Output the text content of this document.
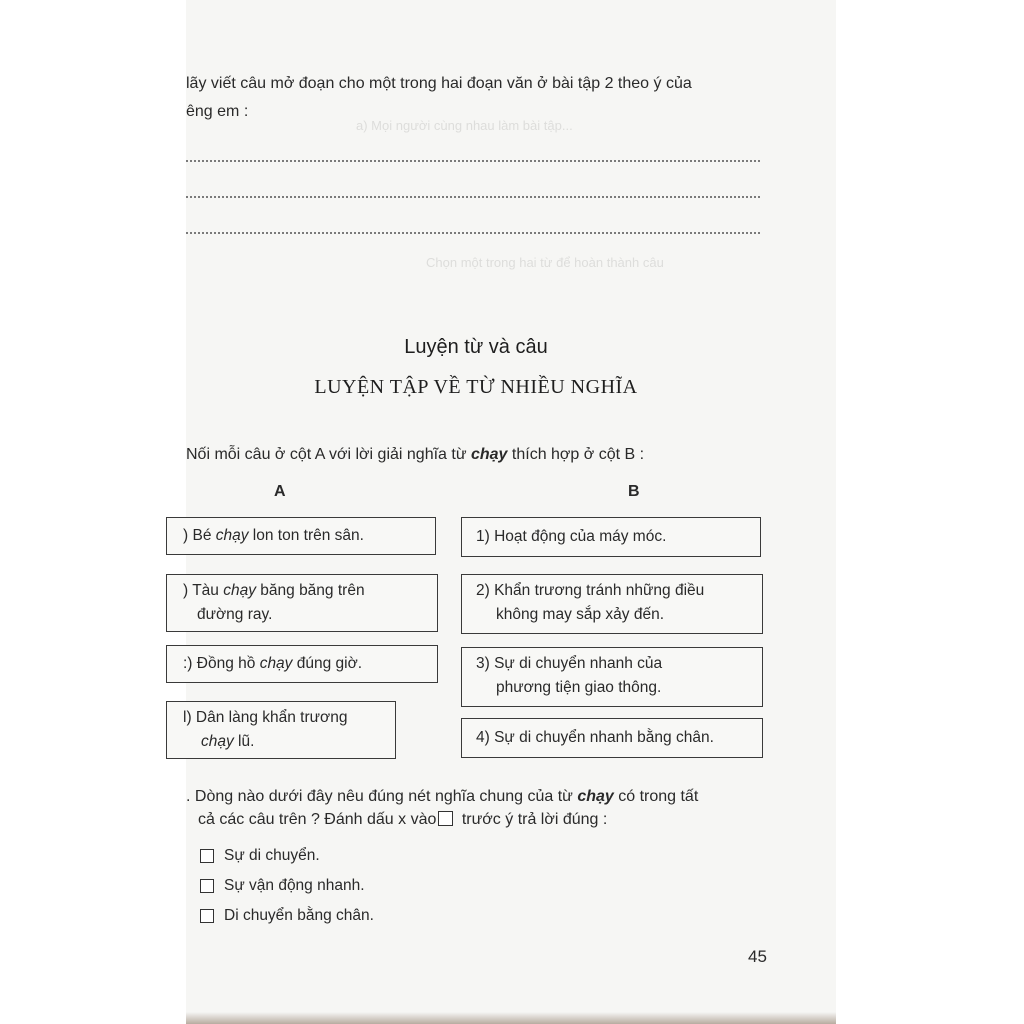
a) Mọi người cùng nhau làm bài tập...
Chọn một trong hai từ để hoàn thành câu
lãy viết câu mở đoạn cho một trong hai đoạn văn ở bài tập 2 theo ý của
êng em :
Luyện từ và câu
LUYỆN TẬP VỀ TỪ NHIỀU NGHĨA
Nối mỗi câu ở cột A với lời giải nghĩa từ chạy thích hợp ở cột B :
A	B
) Bé chạy lon ton trên sân.
) Tàu chạy băng băng trên
đường ray.
:) Đồng hồ chạy đúng giờ.
l) Dân làng khẩn trương
chạy lũ.
1) Hoạt động của máy móc.
2) Khẩn trương tránh những điều
không may sắp xảy đến.
3) Sự di chuyển nhanh của
phương tiện giao thông.
4) Sự di chuyển nhanh bằng chân.
. Dòng nào dưới đây nêu đúng nét nghĩa chung của từ chạy có trong tất
cả các câu trên ? Đánh dấu x vào trước ý trả lời đúng :
Sự di chuyển.
Sự vận động nhanh.
Di chuyển bằng chân.
45
